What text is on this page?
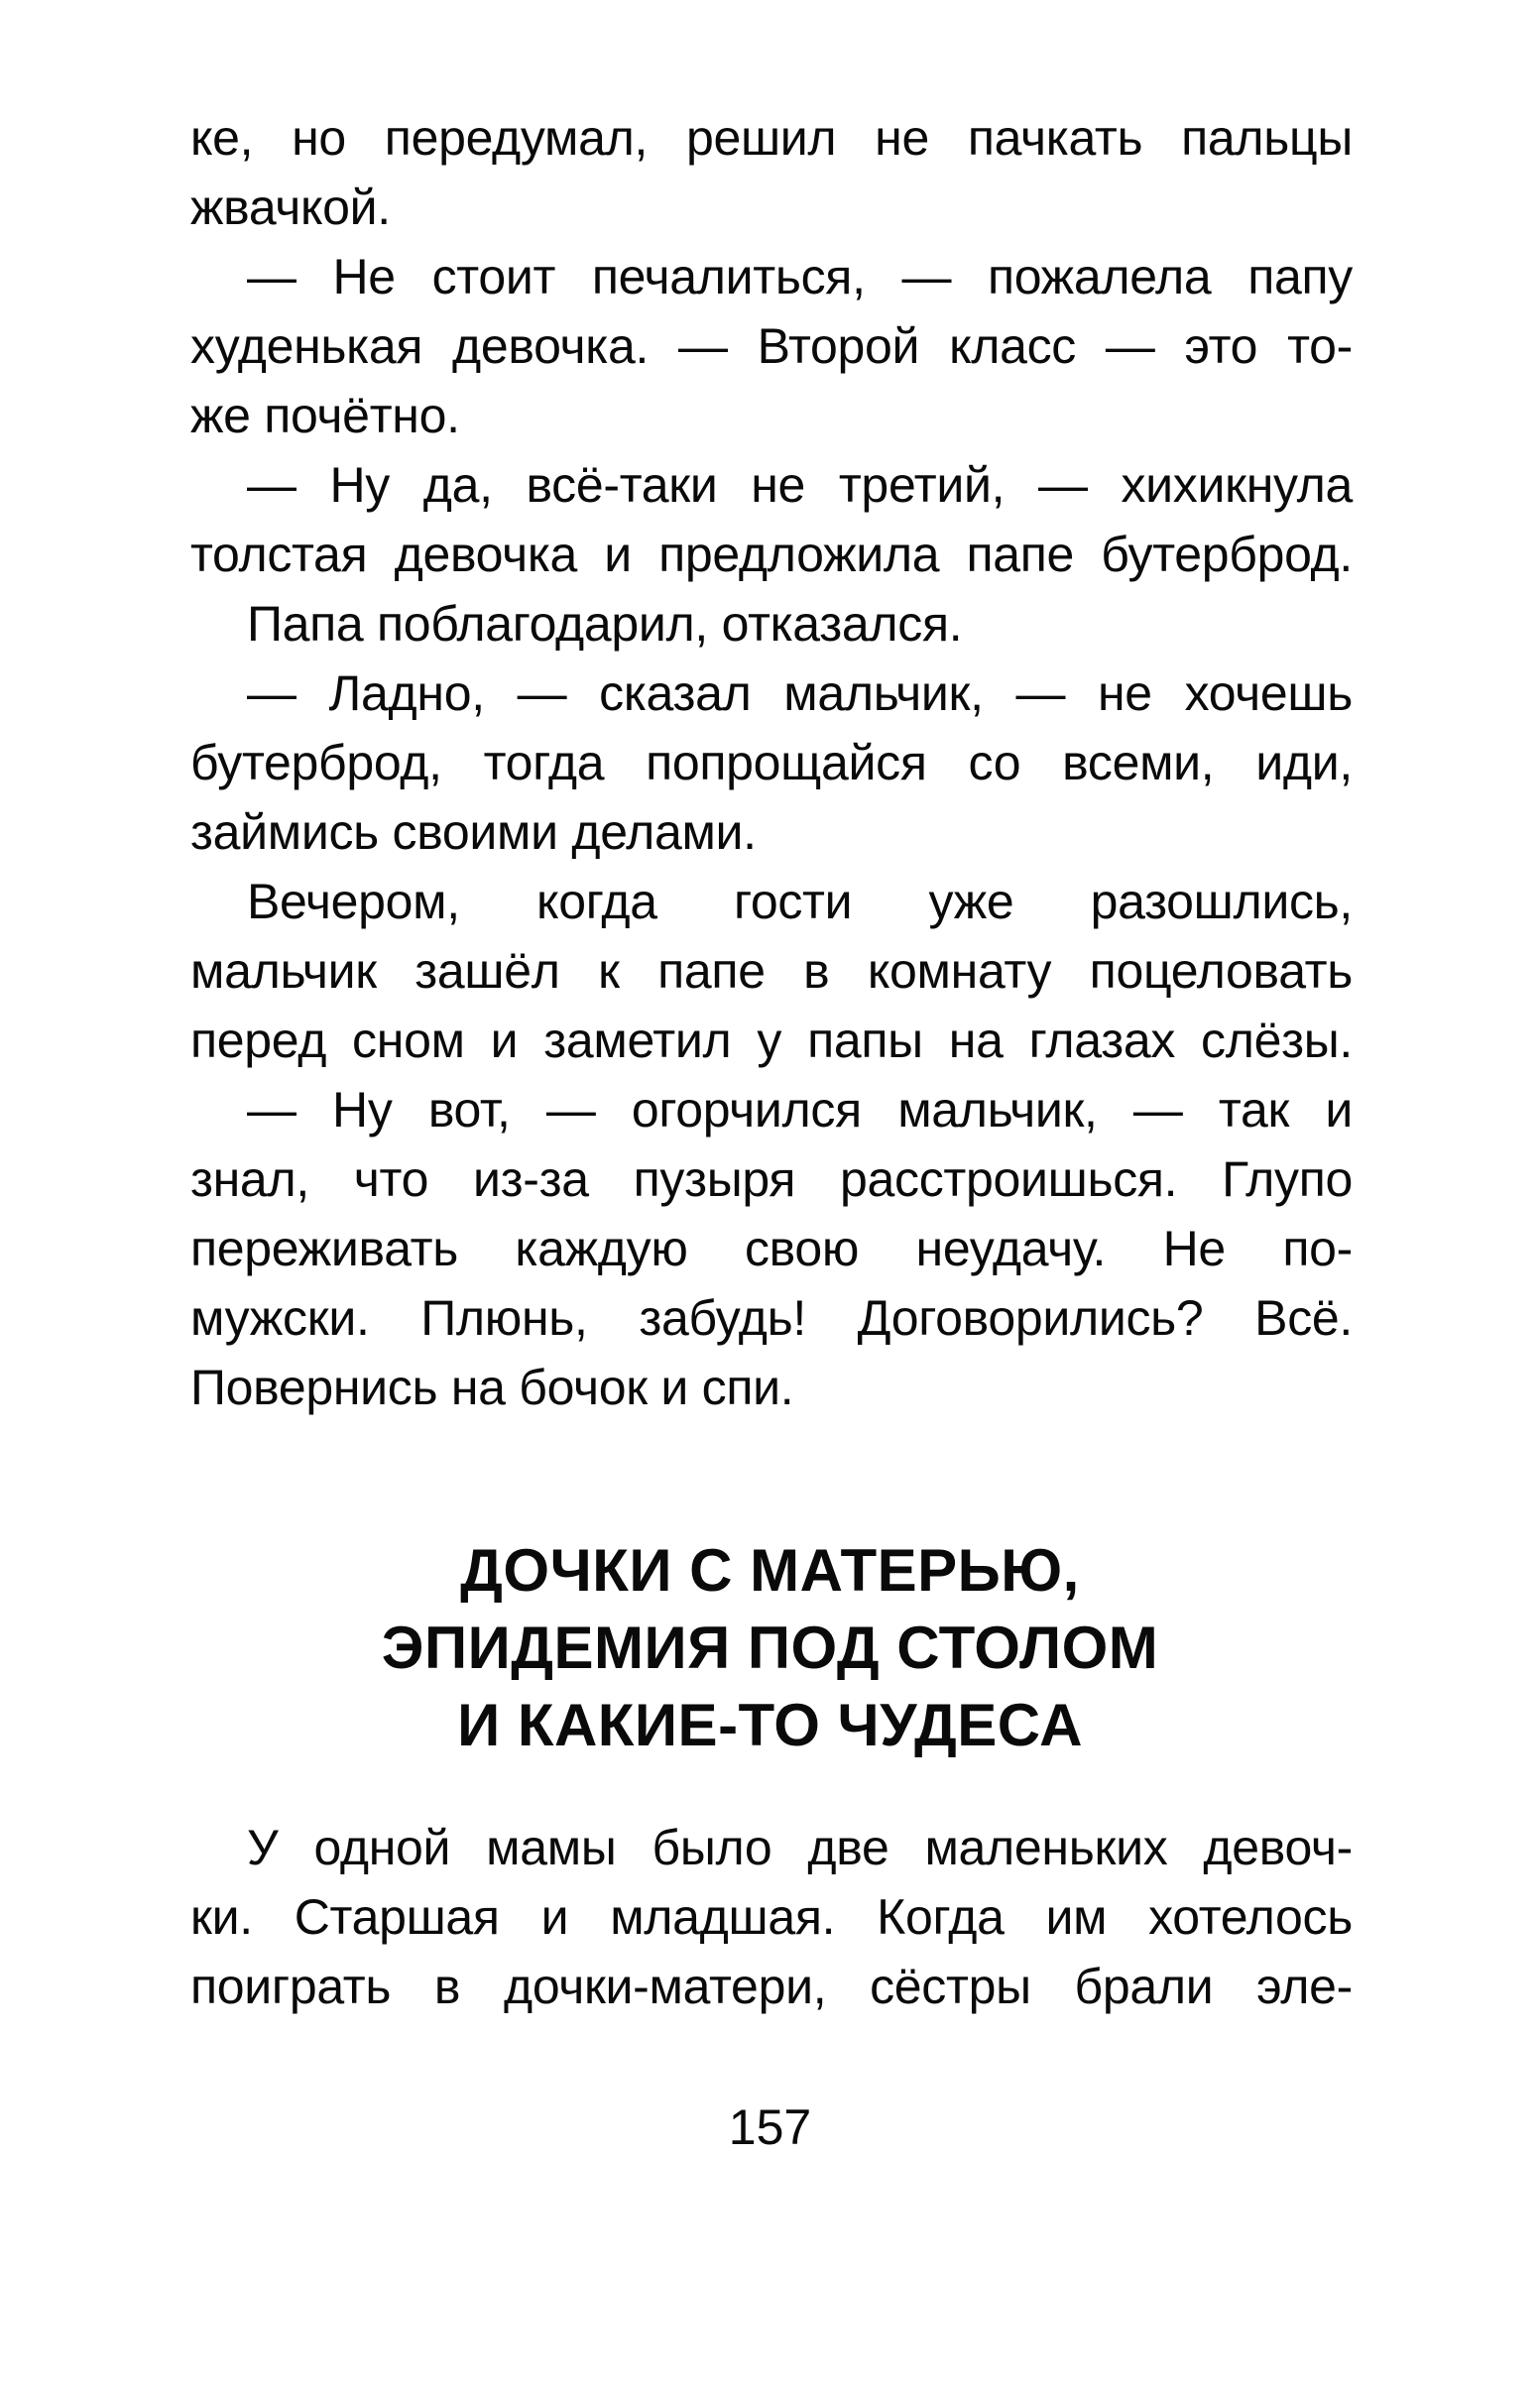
ке, но передумал, решил не пачкать пальцы
жвачкой.
— Не стоит печалиться, — пожалела папу
худенькая девочка. — Второй класс — это то-
же почётно.
— Ну да, всё-таки не третий, — хихикнула
толстая девочка и предложила папе бутерброд.
Папа поблагодарил, отказался.
— Ладно, — сказал мальчик, — не хочешь
бутерброд, тогда попрощайся со всеми, иди,
займись своими делами.
Вечером, когда гости уже разошлись,
мальчик зашёл к папе в комнату поцеловать
перед сном и заметил у папы на глазах слёзы.
— Ну вот, — огорчился мальчик, — так и
знал, что из-за пузыря расстроишься. Глупо
переживать каждую свою неудачу. Не по-
мужски. Плюнь, забудь! Договорились? Всё.
Повернись на бочок и спи.
ДОЧКИ С МАТЕРЬЮ,
ЭПИДЕМИЯ ПОД СТОЛОМ
И КАКИЕ-ТО ЧУДЕСА
У одной мамы было две маленьких девоч-
ки. Старшая и младшая. Когда им хотелось
поиграть в дочки-матери, сёстры брали эле-
157
